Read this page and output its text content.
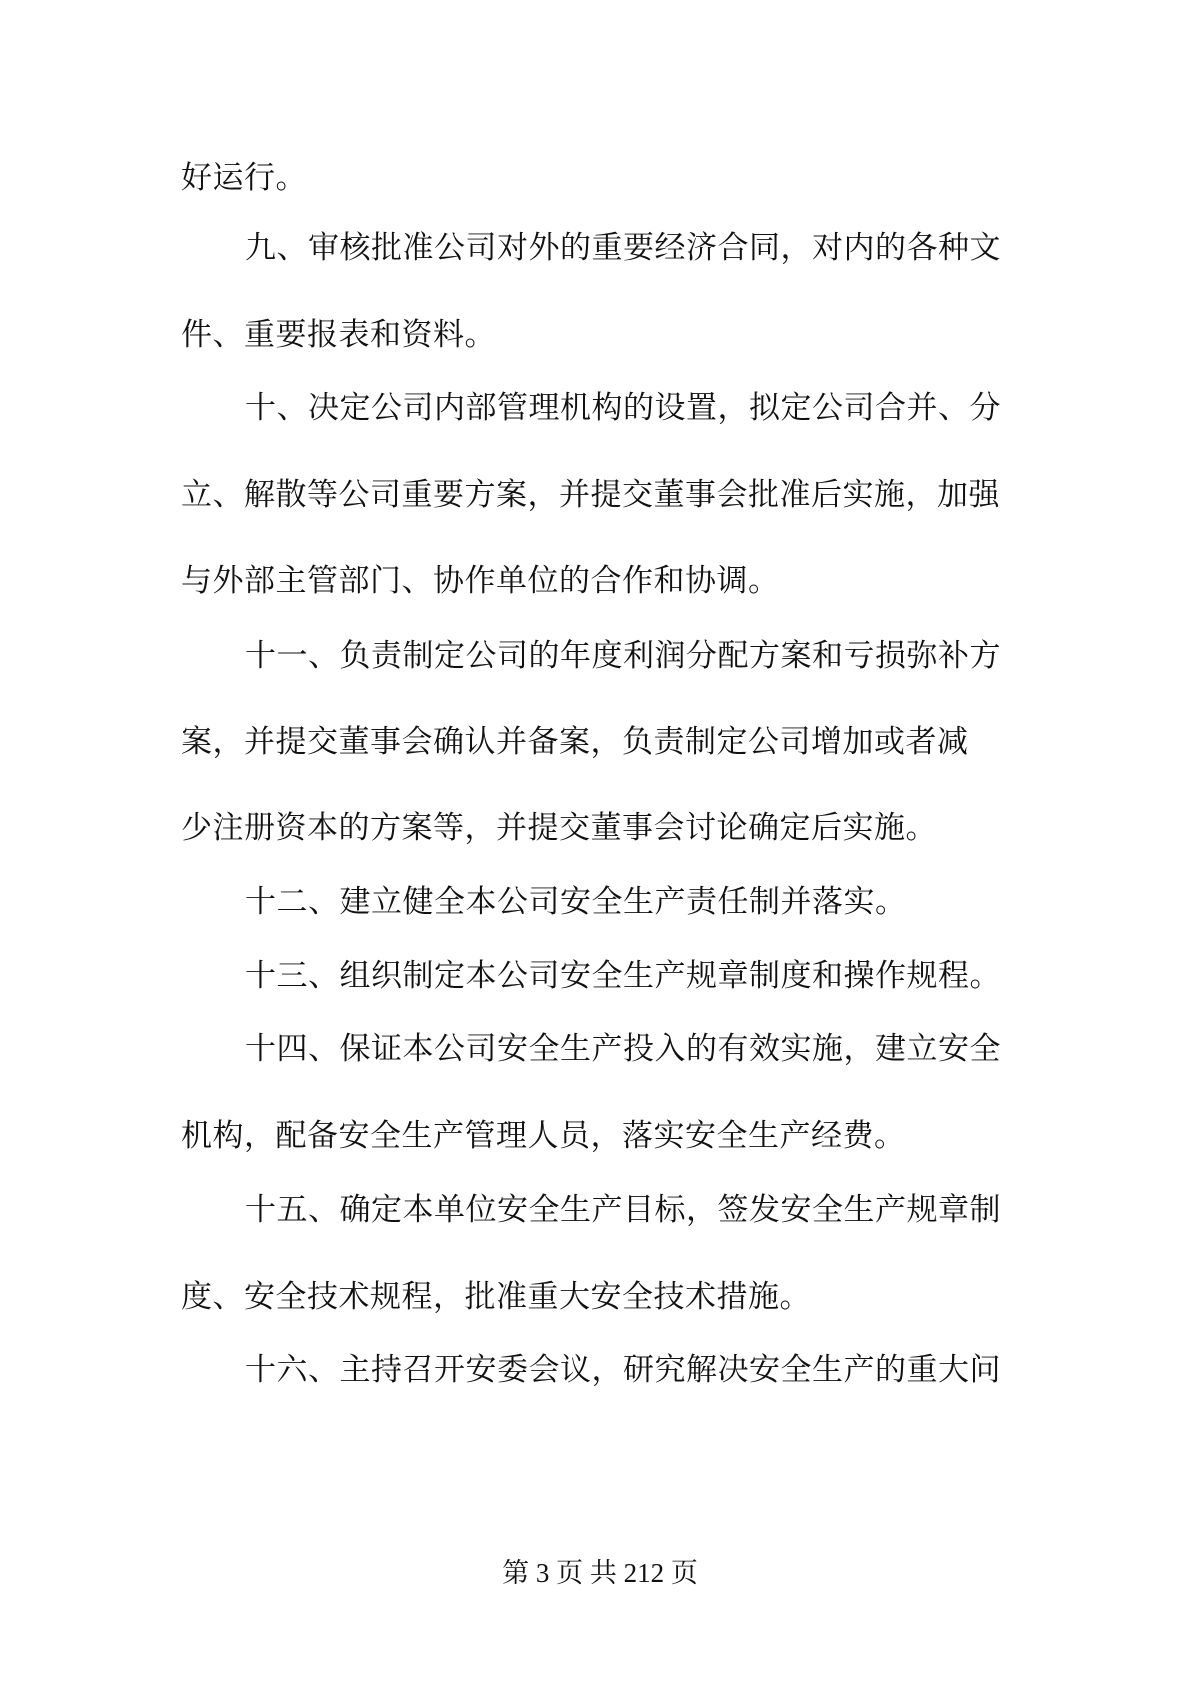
好运行。
九、审核批准公司对外的重要经济合同，对内的各种文
件、重要报表和资料。
十、决定公司内部管理机构的设置，拟定公司合并、分
立、解散等公司重要方案，并提交董事会批准后实施，加强
与外部主管部门、协作单位的合作和协调。
十一、负责制定公司的年度利润分配方案和亏损弥补方
案，并提交董事会确认并备案，负责制定公司增加或者减
少注册资本的方案等，并提交董事会讨论确定后实施。
十二、建立健全本公司安全生产责任制并落实。
十三、组织制定本公司安全生产规章制度和操作规程。
十四、保证本公司安全生产投入的有效实施，建立安全
机构，配备安全生产管理人员，落实安全生产经费。
十五、确定本单位安全生产目标，签发安全生产规章制
度、安全技术规程，批准重大安全技术措施。
十六、主持召开安委会议，研究解决安全生产的重大问
第 3 页 共 212 页
